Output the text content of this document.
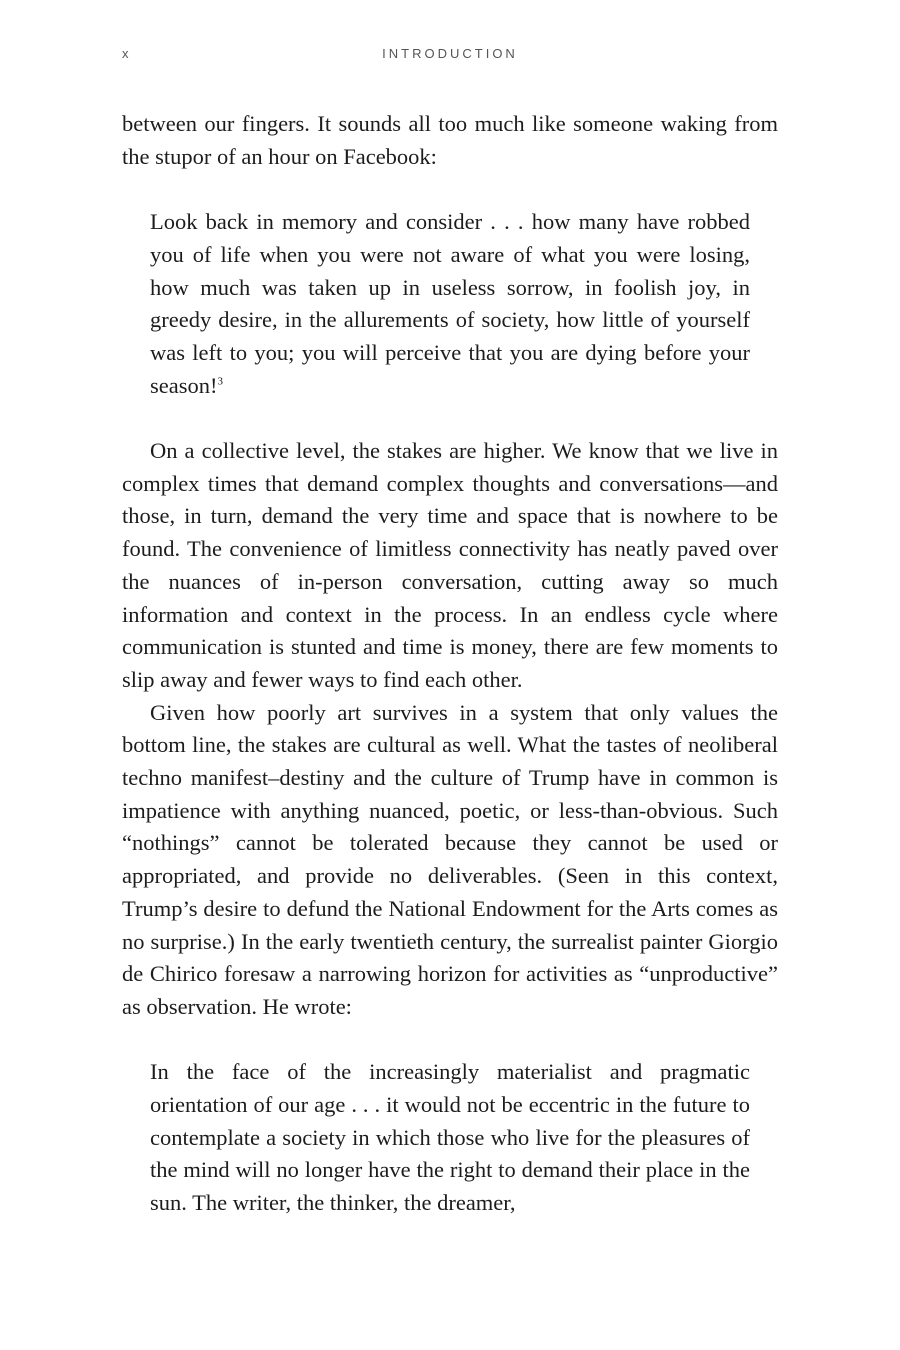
x	INTRODUCTION

between our fingers. It sounds all too much like someone waking from the stupor of an hour on Facebook:

Look back in memory and consider . . . how many have robbed you of life when you were not aware of what you were losing, how much was taken up in useless sorrow, in foolish joy, in greedy desire, in the allurements of society, how little of yourself was left to you; you will perceive that you are dying before your season!$^3$

On a collective level, the stakes are higher. We know that we live in complex times that demand complex thoughts and conversations—and those, in turn, demand the very time and space that is nowhere to be found. The convenience of limitless connectivity has neatly paved over the nuances of in-person conversation, cutting away so much information and context in the process. In an endless cycle where communication is stunted and time is money, there are few moments to slip away and fewer ways to find each other.

Given how poorly art survives in a system that only values the bottom line, the stakes are cultural as well. What the tastes of neoliberal techno manifest–destiny and the culture of Trump have in common is impatience with anything nuanced, poetic, or less-than-obvious. Such “nothings” cannot be tolerated because they cannot be used or appropriated, and provide no deliverables. (Seen in this context, Trump’s desire to defund the National Endowment for the Arts comes as no surprise.) In the early twentieth century, the surrealist painter Giorgio de Chirico foresaw a narrowing horizon for activities as “unproductive” as observation. He wrote:

In the face of the increasingly materialist and pragmatic orientation of our age . . . it would not be eccentric in the future to contemplate a society in which those who live for the pleasures of the mind will no longer have the right to demand their place in the sun. The writer, the thinker, the dreamer,
